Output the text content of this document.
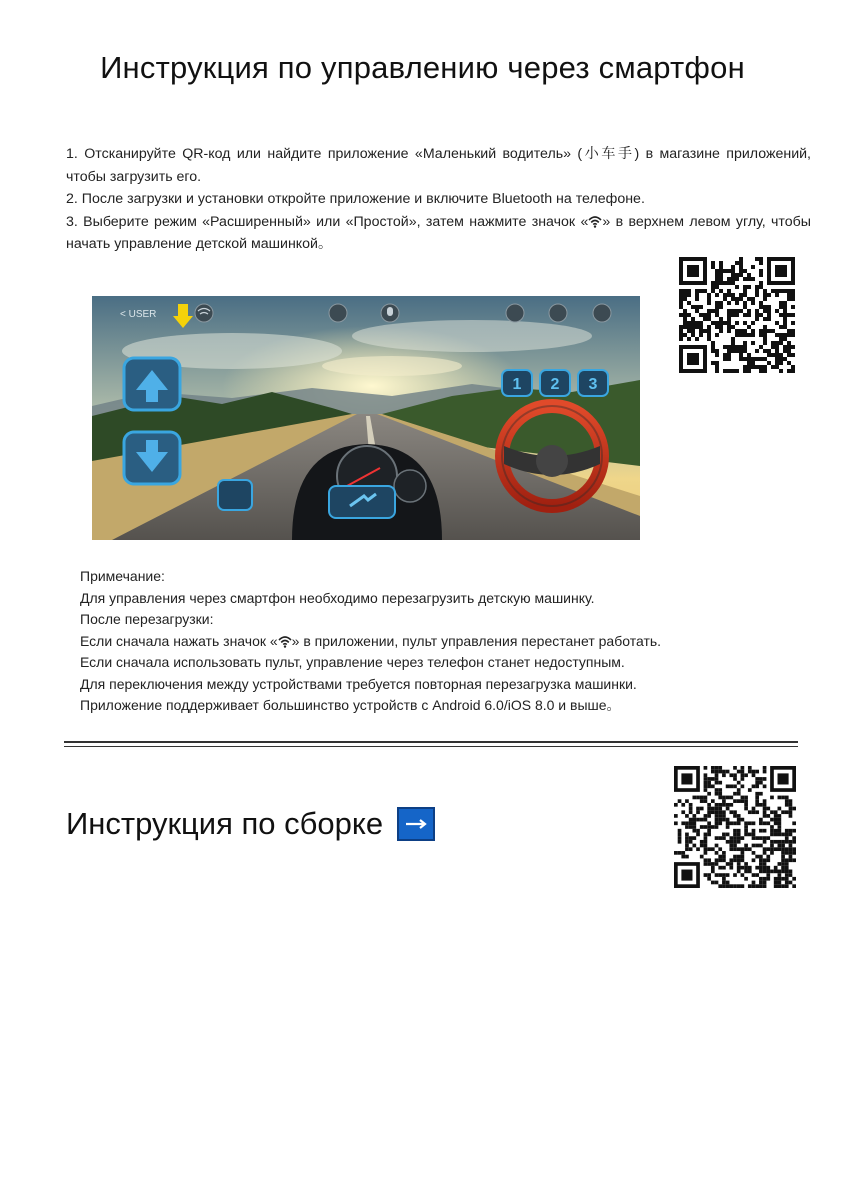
Инструкция по управлению через смартфон

1. Отсканируйте QR-код или найдите приложение «Маленький водитель» (小车手) в магазине приложений, чтобы загрузить его.

2. После загрузки и установки откройте приложение и включите Bluetooth на телефоне.

3. Выберите режим «Расширенный» или «Простой», затем нажмите значок « » в верхнем левом углу, чтобы начать управление детской машинкой。

1 2 3
< USER

Примечание:

Для управления через смартфон необходимо перезагрузить детскую машинку.

После перезагрузки:

Если сначала нажать значок « » в приложении, пульт управления перестанет работать.

Если сначала использовать пульт, управление через телефон станет недоступным.

Для переключения между устройствами требуется повторная перезагрузка машинки.

Приложение поддерживает большинство устройств с Android 6.0/iOS 8.0 и выше。

Инструкция по сборке
